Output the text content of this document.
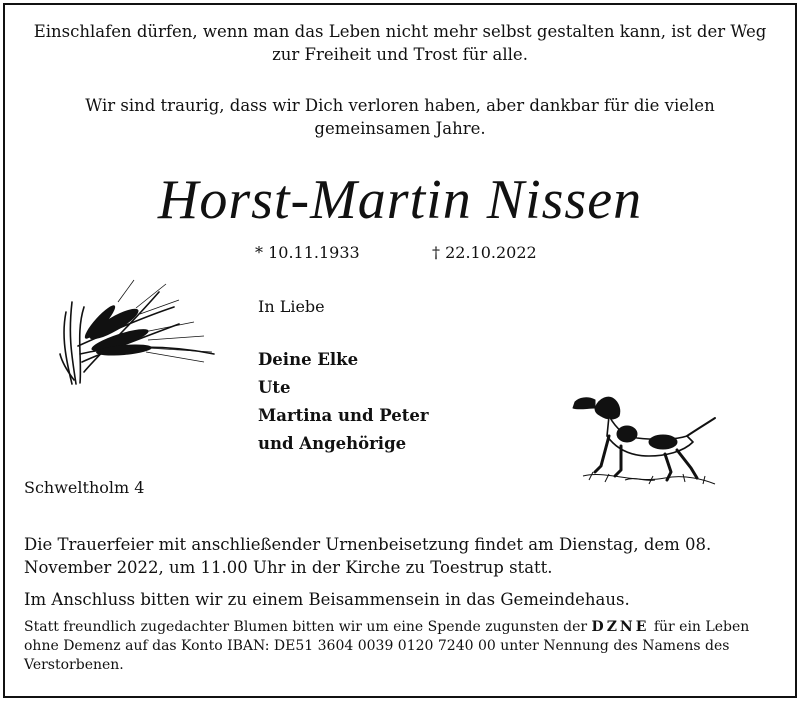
Einschlafen dürfen, wenn man das Leben nicht mehr selbst gestalten kann, ist der Weg
zur Freiheit und Trost für alle.
Wir sind traurig, dass wir Dich verloren haben, aber dankbar für die vielen
gemeinsamen Jahre.
Horst-Martin Nissen
* 10.11.1933	† 22.10.2022
In Liebe
Deine Elke
Ute
Martina und Peter
und Angehörige
Schweltholm 4
Die Trauerfeier mit anschließender Urnenbeisetzung findet am Dienstag, dem 08. November 2022, um 11.00 Uhr in der Kirche zu Toestrup statt.
Im Anschluss bitten wir zu einem Beisammensein in das Gemeindehaus.
Statt freundlich zugedachter Blumen bitten wir um eine Spende zugunsten der DZNE für ein Leben ohne Demenz auf das Konto IBAN: DE51 3604 0039 0120 7240 00 unter Nennung des Namens des Verstorbenen.
